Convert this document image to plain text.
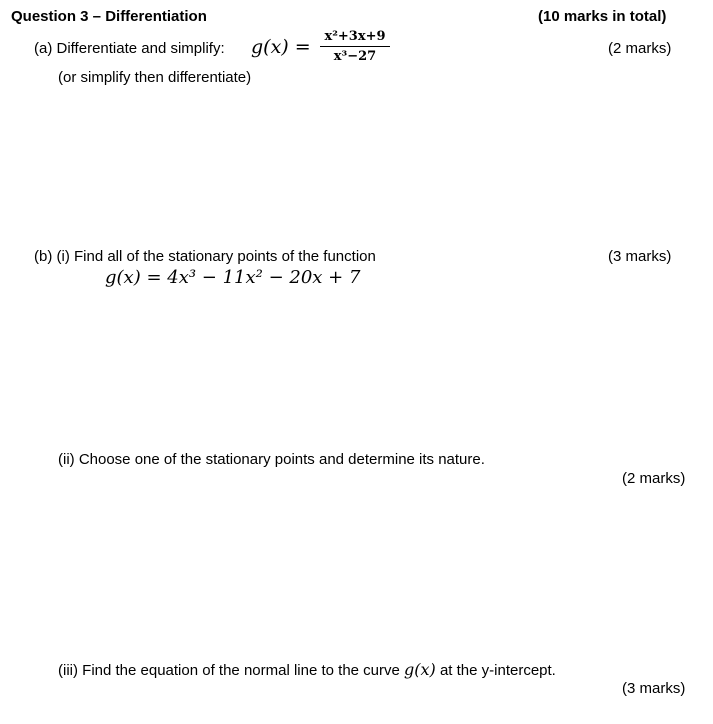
Question 3 – Differentiation	(10 marks in total)
(a) Differentiate and simplify: g(x) =	x²+3x+9
x³−27	(2 marks)
(or simplify then differentiate)
(b) (i) Find all of the stationary points of the function	(3 marks)
g(x) = 4x³ − 11x² − 20x + 7
(ii) Choose one of the stationary points and determine its nature.
(2 marks)
(iii) Find the equation of the normal line to the curve g(x) at the y-intercept.
(3 marks)
